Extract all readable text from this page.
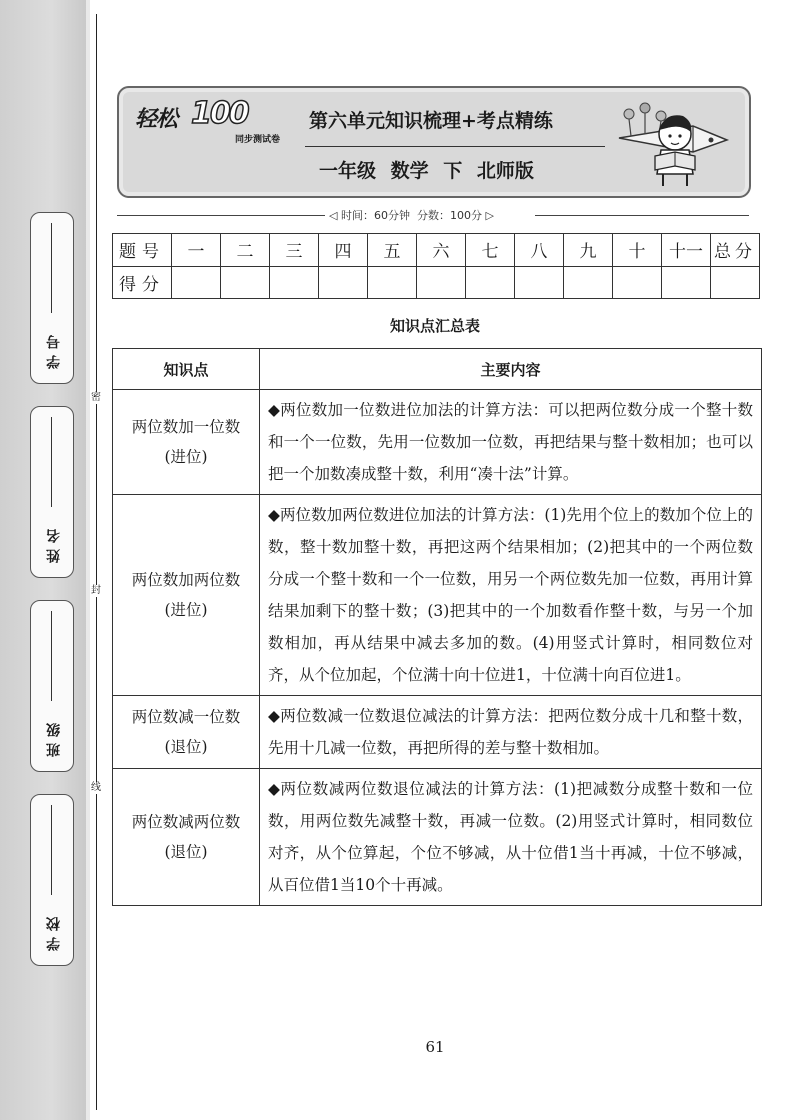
密
封
线
学号
姓名
班级
学校
轻松 100
同步测试卷
第六单元知识梳理+考点精练
一年级 数学 下 北师版
◁ 时间：60分钟 分数：100分 ▷
题号	一	二	三	四	五	六	七	八	九	十	十一	总分
得分												
知识点汇总表
知识点	主要内容

两位数加一位数
(进位)	◆两位数加一位数进位加法的计算方法：可以把两位数分成一个整十数和一个一位数，先用一位数加一位数，再把结果与整十数相加；也可以把一个加数凑成整十数，利用“凑十法”计算。

两位数加两位数
(进位)	◆两位数加两位数进位加法的计算方法：(1)先用个位上的数加个位上的数，整十数加整十数，再把这两个结果相加；(2)把其中的一个两位数分成一个整十数和一个一位数，用另一个两位数先加一位数，再用计算结果加剩下的整十数；(3)把其中的一个加数看作整十数，与另一个加数相加，再从结果中减去多加的数。(4)用竖式计算时，相同数位对齐，从个位加起，个位满十向十位进1，十位满十向百位进1。

两位数减一位数
(退位)	◆两位数减一位数退位减法的计算方法：把两位数分成十几和整十数，先用十几减一位数，再把所得的差与整十数相加。

两位数减两位数
(退位)	◆两位数减两位数退位减法的计算方法：(1)把减数分成整十数和一位数，用两位数先减整十数，再减一位数。(2)用竖式计算时，相同数位对齐，从个位算起，个位不够减，从十位借1当十再减，十位不够减，从百位借1当10个十再减。
61
